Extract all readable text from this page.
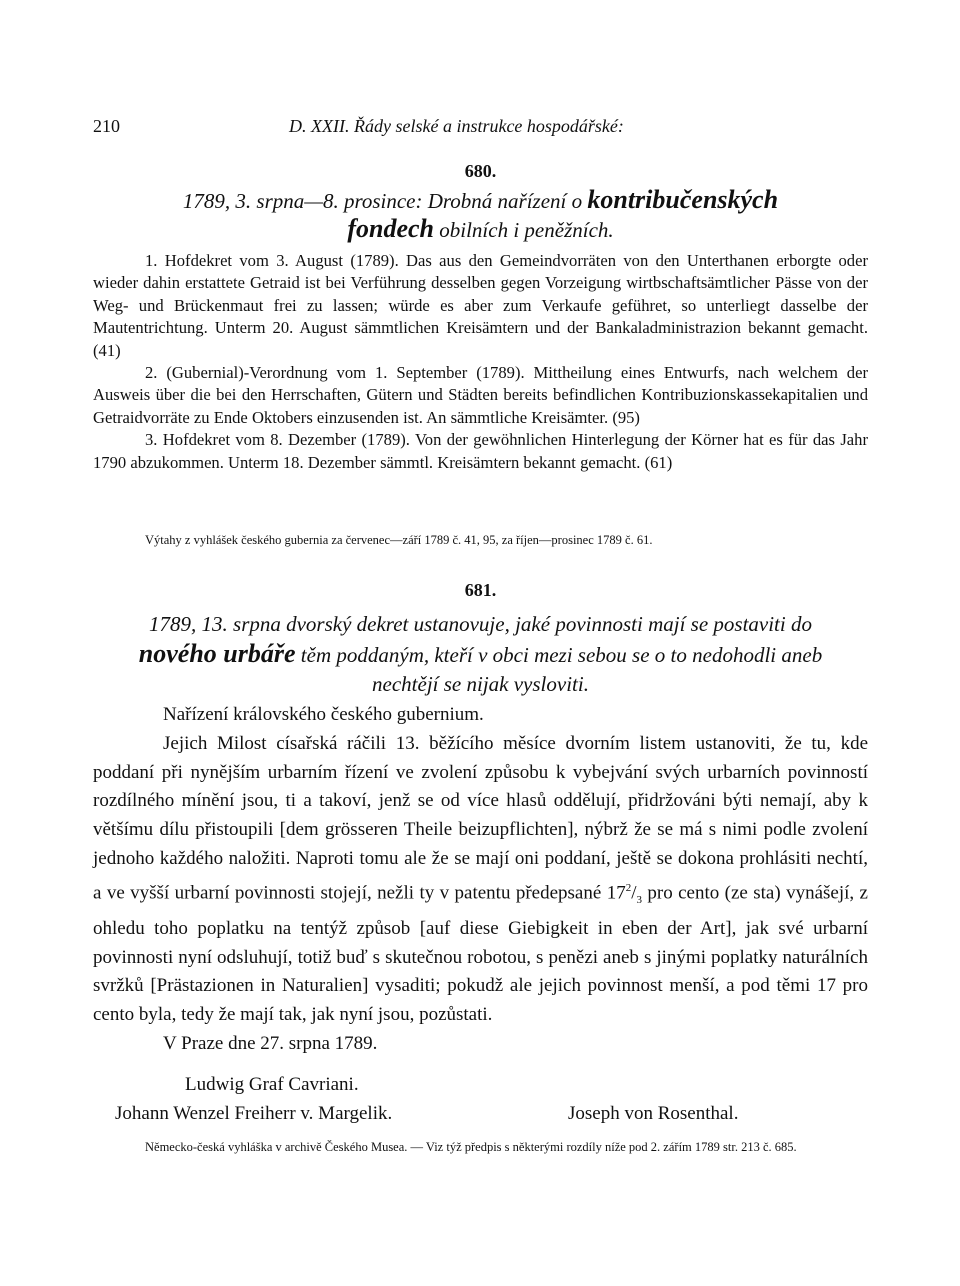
210	D. XXII. Řády selské a instrukce hospodářské:
680.
1789, 3. srpna—8. prosince: Drobná nařízení o kontribučenských
fondech obilních i peněžních.

1. Hofdekret vom 3. August (1789). Das aus den Gemeindvorräten von den Unterthanen erborgte oder wieder dahin erstattete Getraid ist bei Verführung desselben gegen Vorzeigung wirtbschaftsämtlicher Pässe von der Weg- und Brückenmaut frei zu lassen; würde es aber zum Verkaufe geführet, so unterliegt dasselbe der Mautentrichtung. Unterm 20. August sämmtlichen Kreisämtern und der Bankaladministrazion bekannt gemacht. (41)

2. (Gubernial)-Verordnung vom 1. September (1789). Mittheilung eines Entwurfs, nach welchem der Ausweis über die bei den Herrschaften, Gütern und Städten bereits befindlichen Kontribuzionskassekapitalien und Getraidvorräte zu Ende Oktobers einzusenden ist. An sämmtliche Kreisämter. (95)

3. Hofdekret vom 8. Dezember (1789). Von der gewöhnlichen Hinterlegung der Körner hat es für das Jahr 1790 abzukommen. Unterm 18. Dezember sämmtl. Kreisämtern bekannt gemacht. (61)

Výtahy z vyhlášek českého gubernia za červenec—září 1789 č. 41, 95, za říjen—prosinec 1789 č. 61.
681.
1789, 13. srpna dvorský dekret ustanovuje, jaké povinnosti mají se postaviti do
nového urbáře těm poddaným, kteří v obci mezi sebou se o to nedohodli aneb
nechtějí se nijak vysloviti.

Nařízení královského českého gubernium.

Jejich Milost císařská ráčili 13. běžícího měsíce dvorním listem ustanoviti, že tu, kde poddaní při nynějším urbarním řízení ve zvolení způsobu k vybejvání svých urbarních povinností rozdílného mínění jsou, ti a takoví, jenž se od více hlasů oddělují, přidržováni býti nemají, aby k většímu dílu přistoupili [dem grösseren Theile beizupflichten], nýbrž že se má s nimi podle zvolení jednoho každého naložiti. Naproti tomu ale že se mají oni poddaní, ještě se dokona prohlásiti nechtí, a ve vyšší urbarní povinnosti stojejí, nežli ty v patentu předepsané $17^2/_3$ pro cento (ze sta) vynášejí, z ohledu toho poplatku na tentýž způsob [auf diese Giebigkeit in eben der Art], jak své urbarní povinnosti nyní odsluhují, totiž buď s skutečnou robotou, s penězi aneb s jinými poplatky naturálních svržků [Prästazionen in Naturalien] vysaditi; pokudž ale jejich povinnost menší, a pod těmi 17 pro cento byla, tedy že mají tak, jak nyní jsou, pozůstati.

V Praze dne 27. srpna 1789.

Ludwig Graf Cavriani.
Johann Wenzel Freiherr v. Margelik.	Joseph von Rosenthal.
Německo-česká vyhláška v archivě Českého Musea. — Viz týž předpis s některými rozdíly níže pod 2. zářím 1789 str. 213 č. 685.
